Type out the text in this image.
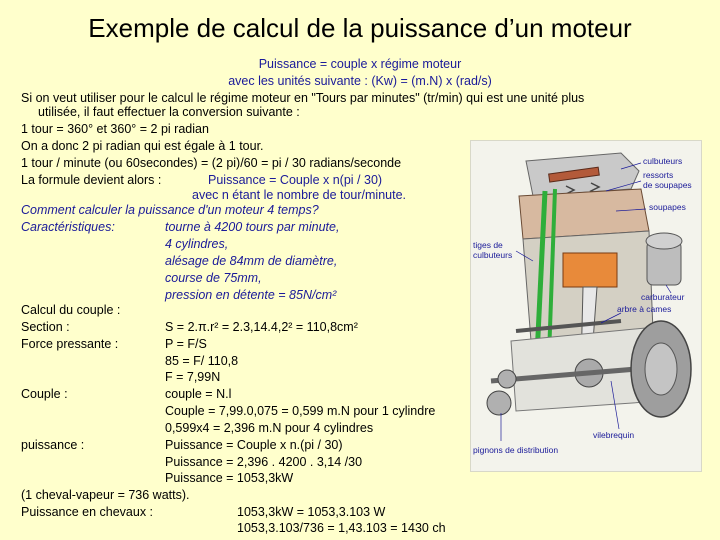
Exemple de calcul de la puissance d’un moteur
Puissance = couple x régime moteur
avec les unités suivante : (Kw) = (m.N) x (rad/s)
Si on veut utiliser pour le calcul le régime moteur en "Tours par minutes" (tr/min) qui est une unité plus
utilisée, il faut effectuer la conversion suivante :
1 tour = 360° et 360° = 2 pi radian
On a donc 2 pi radian qui est égale à 1 tour.
1 tour / minute (ou 60secondes) = (2 pi)/60 = pi / 30 radians/seconde
La formule devient alors :	Puissance = Couple x n(pi / 30)
avec n étant le nombre de tour/minute.
Comment calculer la puissance d'un moteur 4 temps?
Caractéristiques:	tourne à 4200 tours par minute,
4 cylindres,
alésage de 84mm de diamètre,
course de 75mm,
pression en détente = 85N/cm²
Calcul du couple :
Section :	S = 2.π.r² = 2.3,14.4,2² = 110,8cm²
Force pressante :	P = F/S
85 = F/ 110,8
F = 7,99N
Couple :	couple = N.l
Couple = 7,99.0,075 = 0,599 m.N pour 1 cylindre
0,599x4 = 2,396 m.N pour 4 cylindres
puissance :	Puissance = Couple x n.(pi / 30)
Puissance = 2,396 . 4200 . 3,14 /30
Puissance = 1053,3kW
(1 cheval-vapeur = 736 watts).
Puissance en chevaux :	1053,3kW = 1053,3.103 W
1053,3.103/736 = 1,43.103 = 1430 ch
culbuteurs
ressorts
de soupapes
soupapes
tiges de
culbuteurs
carburateur
arbre à cames
vilebrequin
pignons de distribution
